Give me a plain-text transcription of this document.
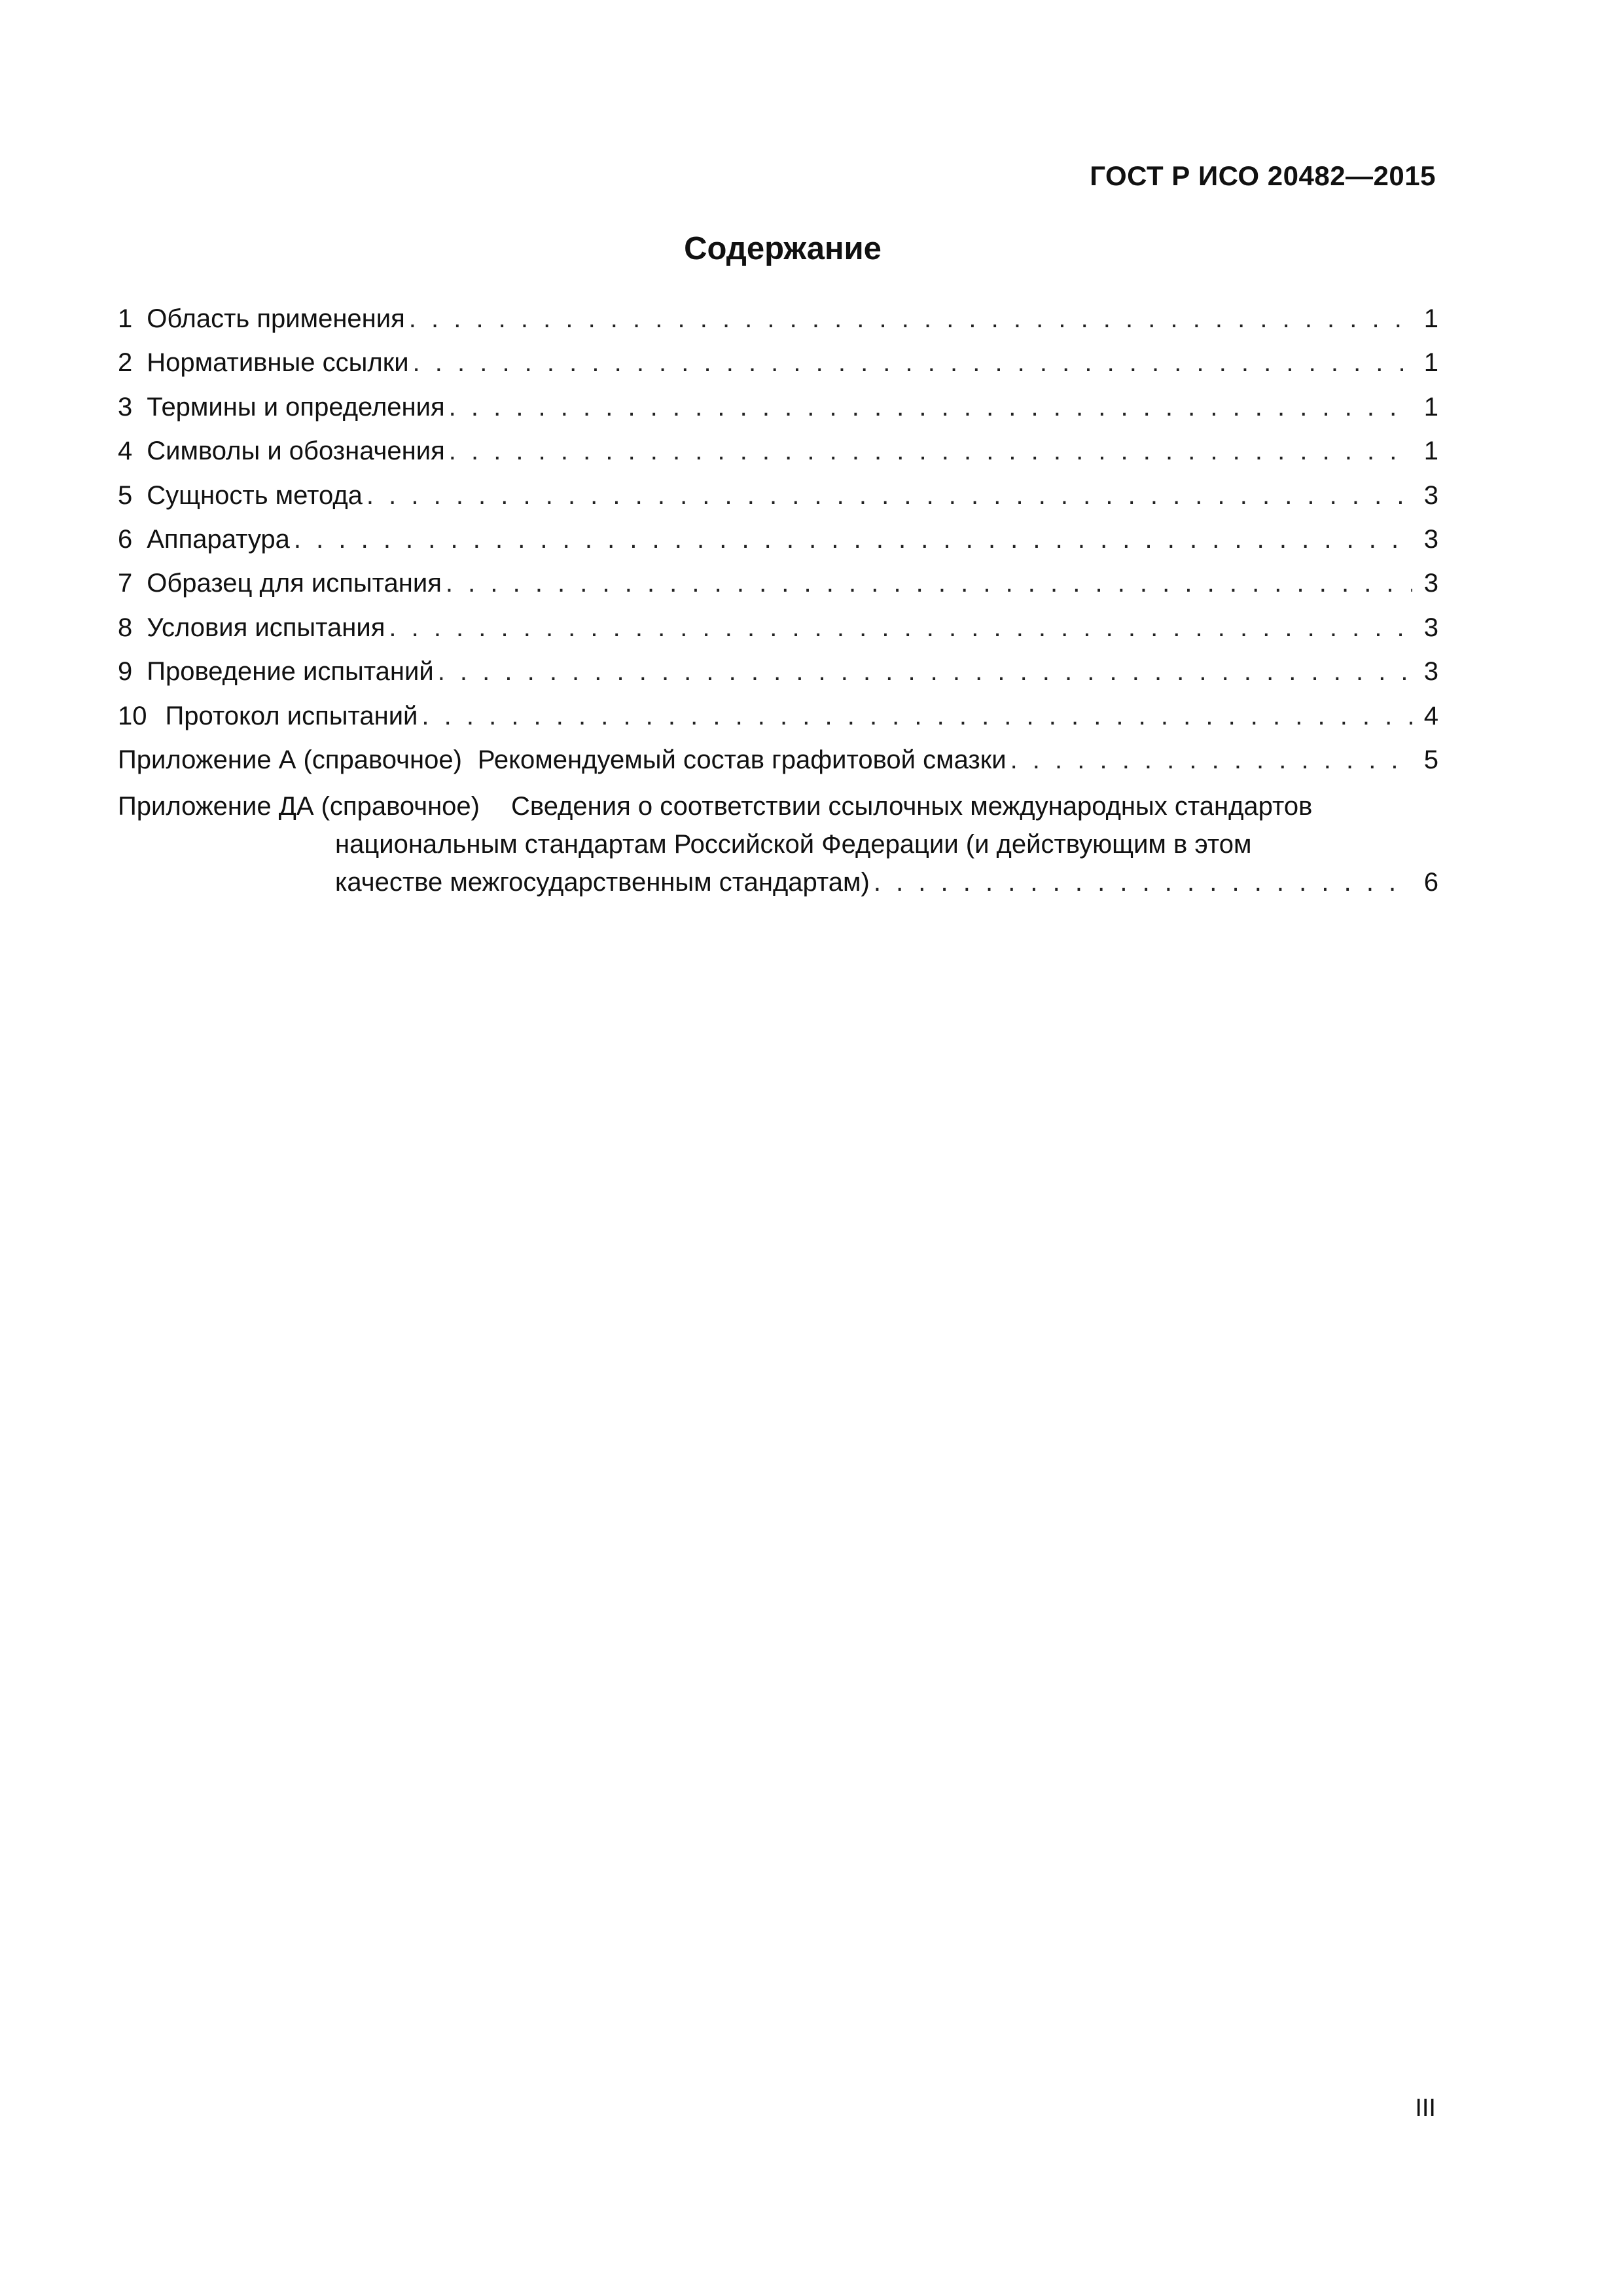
ГОСТ Р ИСО 20482—2015
Содержание
1 Область применения . . .	1
2 Нормативные ссылки . . .	1
3 Термины и определения . . .	1
4 Символы и обозначения . . .	1
5 Сущность метода . . .	3
6 Аппаратура . . .	3
7 Образец для испытания . . .	3
8 Условия испытания . . .	3
9 Проведение испытаний . . .	3
10 Протокол испытаний . . .	4
Приложение А (справочное) Рекомендуемый состав графитовой смазки . . .	5
Приложение ДА (справочное) Сведения о соответствии ссылочных международных стандартов
национальным стандартам Российской Федерации (и действующим в этом
качестве межгосударственным стандартам) . . .	6
III
